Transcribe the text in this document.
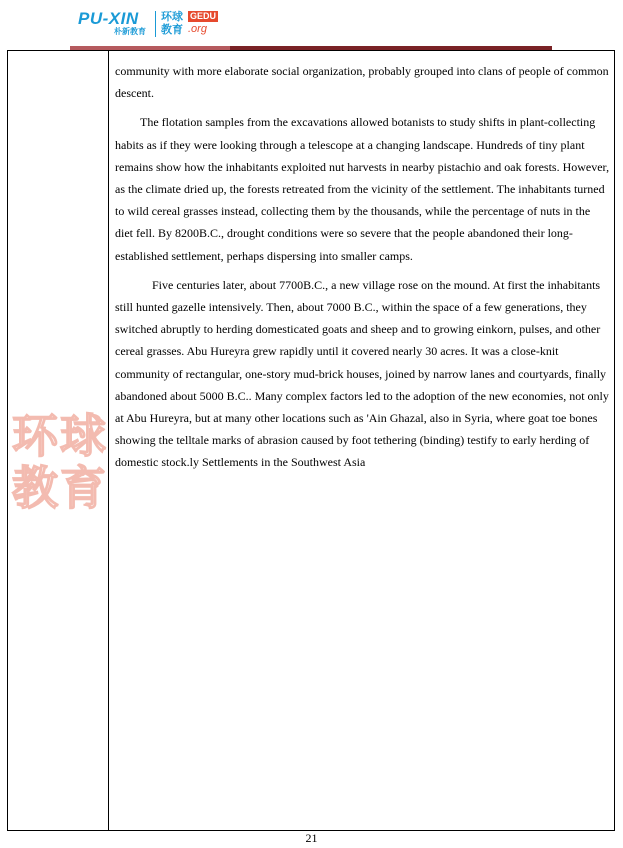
PU-XIN
朴新教育
环球教育
GEDU
.org
环球教育

community with more elaborate social organization, probably grouped into clans of people of common descent.

The flotation samples from the excavations allowed botanists to study shifts in plant-collecting habits as if they were looking through a telescope at a changing landscape. Hundreds of tiny plant remains show how the inhabitants exploited nut harvests in nearby pistachio and oak forests. However, as the climate dried up, the forests retreated from the vicinity of the settlement. The inhabitants turned to wild cereal grasses instead, collecting them by the thousands, while the percentage of nuts in the diet fell. By 8200B.C., drought conditions were so severe that the people abandoned their long-established settlement, perhaps dispersing into smaller camps.

Five centuries later, about 7700B.C., a new village rose on the mound. At first the inhabitants still hunted gazelle intensively. Then, about 7000 B.C., within the space of a few generations, they switched abruptly to herding domesticated goats and sheep and to growing einkorn, pulses, and other cereal grasses. Abu Hureyra grew rapidly until it covered nearly 30 acres. It was a close-knit community of rectangular, one-story mud-brick houses, joined by narrow lanes and courtyards, finally abandoned about 5000 B.C.. Many complex factors led to the adoption of the new economies, not only at Abu Hureyra, but at many other locations such as 'Ain Ghazal, also in Syria, where goat toe bones showing the telltale marks of abrasion caused by foot tethering (binding) testify to early herding of domestic stock.ly Settlements in the Southwest Asia

21
